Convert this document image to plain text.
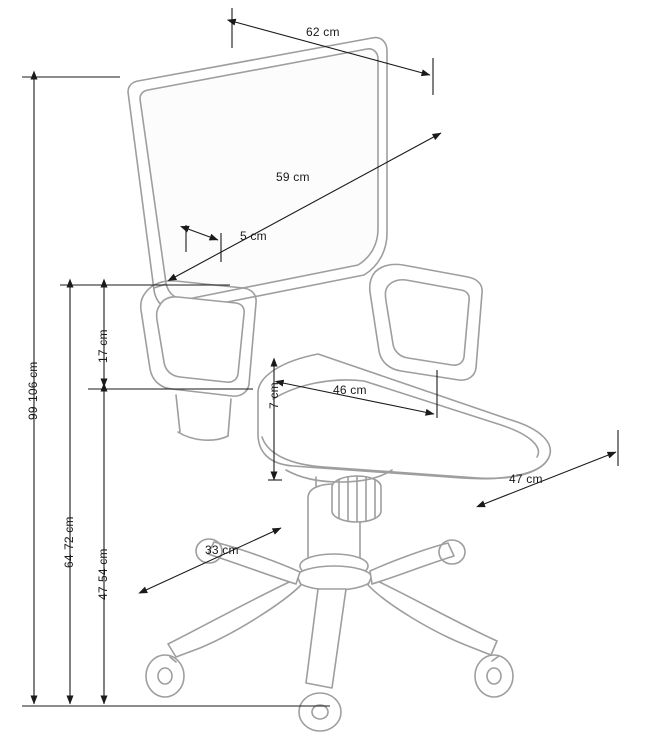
62 cm
59 cm
5 cm
17 cm
7 cm	46 cm
47 cm
33 cm
99-106 cm
64-72 cm
47-54 cm
